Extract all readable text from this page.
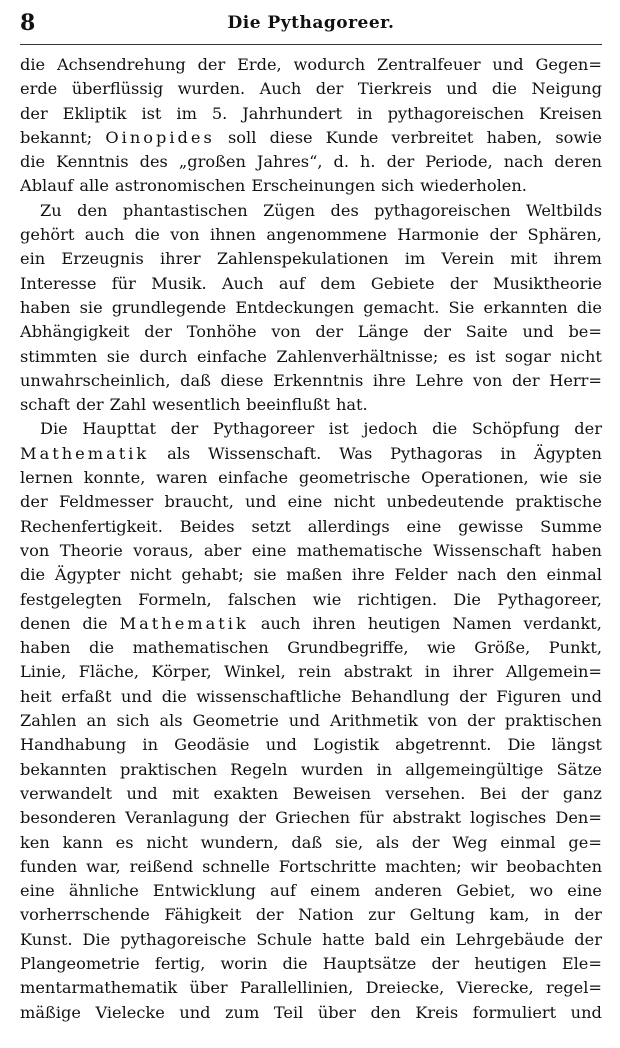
8	Die Pythagoreer.
die Achsendrehung der Erde, wodurch Zentralfeuer und Gegen=
erde überflüssig wurden. Auch der Tierkreis und die Neigung
der Ekliptik ist im 5. Jahrhundert in pythagoreischen Kreisen
bekannt; Oinopides soll diese Kunde verbreitet haben, sowie
die Kenntnis des „großen Jahres“, d. h. der Periode, nach deren
Ablauf alle astronomischen Erscheinungen sich wiederholen.
Zu den phantastischen Zügen des pythagoreischen Weltbilds
gehört auch die von ihnen angenommene Harmonie der Sphären,
ein Erzeugnis ihrer Zahlenspekulationen im Verein mit ihrem
Interesse für Musik. Auch auf dem Gebiete der Musiktheorie
haben sie grundlegende Entdeckungen gemacht. Sie erkannten die
Abhängigkeit der Tonhöhe von der Länge der Saite und be=
stimmten sie durch einfache Zahlenverhältnisse; es ist sogar nicht
unwahrscheinlich, daß diese Erkenntnis ihre Lehre von der Herr=
schaft der Zahl wesentlich beeinflußt hat.
Die Haupttat der Pythagoreer ist jedoch die Schöpfung der
Mathematik als Wissenschaft. Was Pythagoras in Ägypten
lernen konnte, waren einfache geometrische Operationen, wie sie
der Feldmesser braucht, und eine nicht unbedeutende praktische
Rechenfertigkeit. Beides setzt allerdings eine gewisse Summe
von Theorie voraus, aber eine mathematische Wissenschaft haben
die Ägypter nicht gehabt; sie maßen ihre Felder nach den einmal
festgelegten Formeln, falschen wie richtigen. Die Pythagoreer,
denen die Mathematik auch ihren heutigen Namen verdankt,
haben die mathematischen Grundbegriffe, wie Größe, Punkt,
Linie, Fläche, Körper, Winkel, rein abstrakt in ihrer Allgemein=
heit erfaßt und die wissenschaftliche Behandlung der Figuren und
Zahlen an sich als Geometrie und Arithmetik von der praktischen
Handhabung in Geodäsie und Logistik abgetrennt. Die längst
bekannten praktischen Regeln wurden in allgemeingültige Sätze
verwandelt und mit exakten Beweisen versehen. Bei der ganz
besonderen Veranlagung der Griechen für abstrakt logisches Den=
ken kann es nicht wundern, daß sie, als der Weg einmal ge=
funden war, reißend schnelle Fortschritte machten; wir beobachten
eine ähnliche Entwicklung auf einem anderen Gebiet, wo eine
vorherrschende Fähigkeit der Nation zur Geltung kam, in der
Kunst. Die pythagoreische Schule hatte bald ein Lehrgebäude der
Plangeometrie fertig, worin die Hauptsätze der heutigen Ele=
mentarmathematik über Parallellinien, Dreiecke, Vierecke, regel=
mäßige Vielecke und zum Teil über den Kreis formuliert und
